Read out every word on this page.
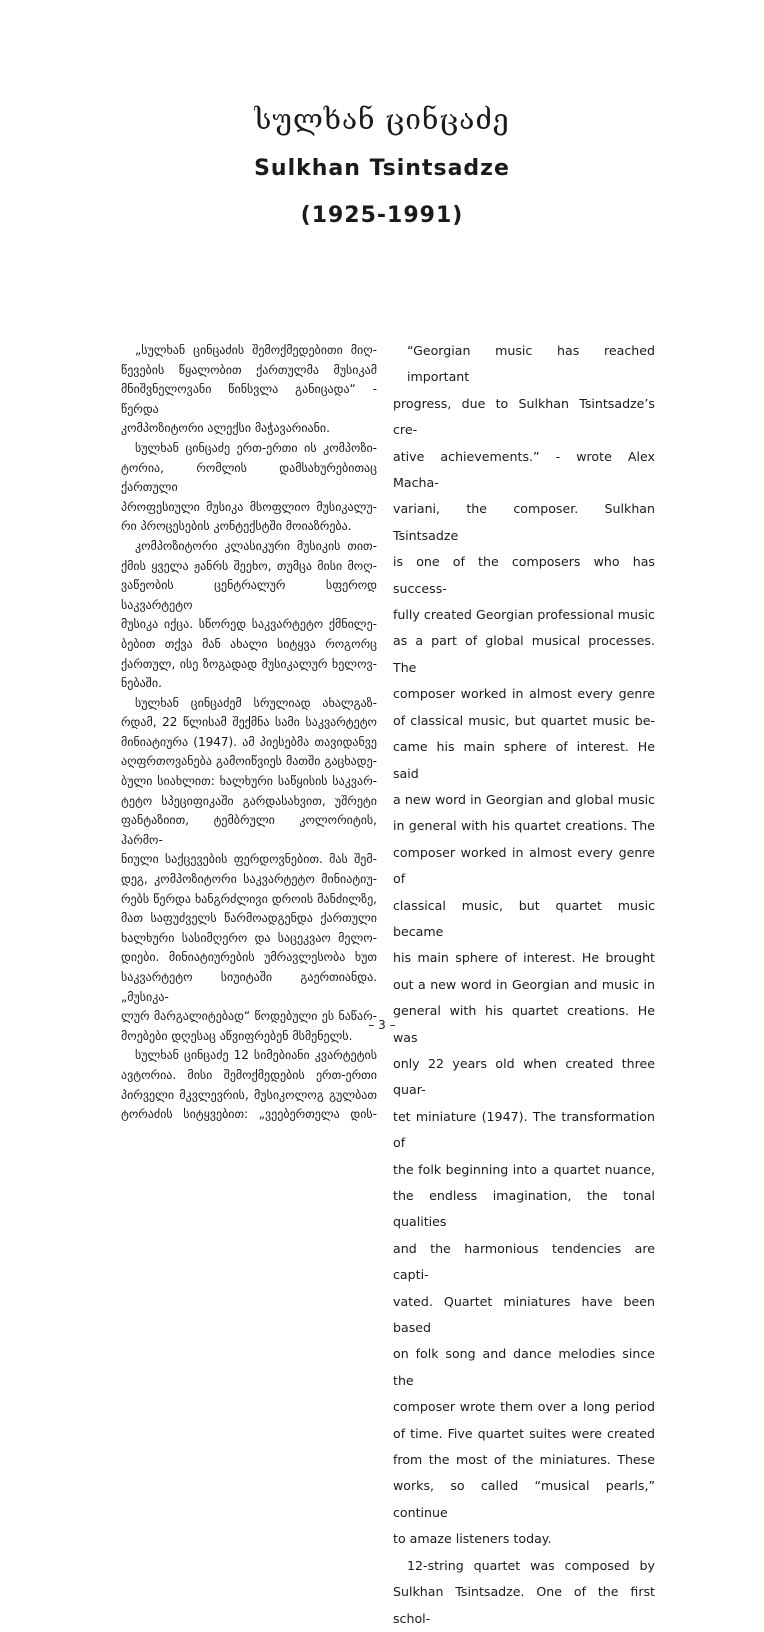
სულხან ცინცაძე
Sulkhan Tsintsadze
(1925-1991)
„სულხან ცინცაძის შემოქმედებითი მიღ-
წევების წყალობით ქართულმა მუსიკამ
მნიშვნელოვანი წინსვლა განიცადა“ - წერდა
კომპოზიტორი ალექსი მაჭავარიანი.
სულხან ცინცაძე ერთ-ერთი ის კომპოზი-
ტორია, რომლის დამსახურებითაც ქართული
პროფესიული მუსიკა მსოფლიო მუსიკალუ-
რი პროცესების კონტექსტში მოიაზრება.
კომპოზიტორი კლასიკური მუსიკის თით-
ქმის ყველა ჟანრს შეეხო, თუმცა მისი მოღ-
ვაწეობის ცენტრალურ სფეროდ საკვარტეტო
მუსიკა იქცა. სწორედ საკვარტეტო ქმნილე-
ბებით თქვა მან ახალი სიტყვა როგორც
ქართულ, ისე ზოგადად მუსიკალურ ხელოვ-
ნებაში.
სულხან ცინცაძემ სრულიად ახალგაზ-
რდამ, 22 წლისამ შექმნა სამი საკვარტეტო
მინიატიურა (1947). ამ პიესებმა თავიდანვე
აღფრთოვანება გამოიწვიეს მათში გაცხადე-
ბული სიახლით: ხალხური საწყისის საკვარ-
ტეტო სპეციფიკაში გარდასახვით, უშრეტი
ფანტაზიით, ტემბრული კოლორიტის, ჰარმო-
ნიული საქცევების ფერდოვნებით. მას შემ-
დეგ, კომპოზიტორი საკვარტეტო მინიატიუ-
რებს წერდა ხანგრძლივი დროის მანძილზე,
მათ საფუძველს წარმოადგენდა ქართული
ხალხური სასიმღერო და საცეკვაო მელო-
დიები. მინიატიურების უმრავლესობა ხუთ
საკვარტეტო სიუიტაში გაერთიანდა. „მუსიკა-
ლურ მარგალიტებად“ წოდებული ეს ნაწარ-
მოებები დღესაც აწვიფრებენ მსმენელს.
სულხან ცინცაძე 12 სიმებიანი კვარტეტის
ავტორია. მისი შემოქმედების ერთ-ერთი
პირველი მკვლევრის, მუსიკოლოგ გულბათ
ტორაძის სიტყვებით: „ვეებერთელა დის-
“Georgian music has reached important
progress, due to Sulkhan Tsintsadze’s cre-
ative achievements.” - wrote Alex Macha-
variani, the composer. Sulkhan Tsintsadze
is one of the composers who has success-
fully created Georgian professional music
as a part of global musical processes. The
composer worked in almost every genre
of classical music, but quartet music be-
came his main sphere of interest. He said
a new word in Georgian and global music
in general with his quartet creations. The
composer worked in almost every genre of
classical music, but quartet music became
his main sphere of interest. He brought
out a new word in Georgian and music in
general with his quartet creations. He was
only 22 years old when created three quar-
tet miniature (1947). The transformation of
the folk beginning into a quartet nuance,
the endless imagination, the tonal qualities
and the harmonious tendencies are capti-
vated. Quartet miniatures have been based
on folk song and dance melodies since the
composer wrote them over a long period
of time. Five quartet suites were created
from the most of the miniatures. These
works, so called “musical pearls,” continue
to amaze listeners today.
12-string quartet was composed by
Sulkhan Tsintsadze. One of the first schol-
– 3 –
